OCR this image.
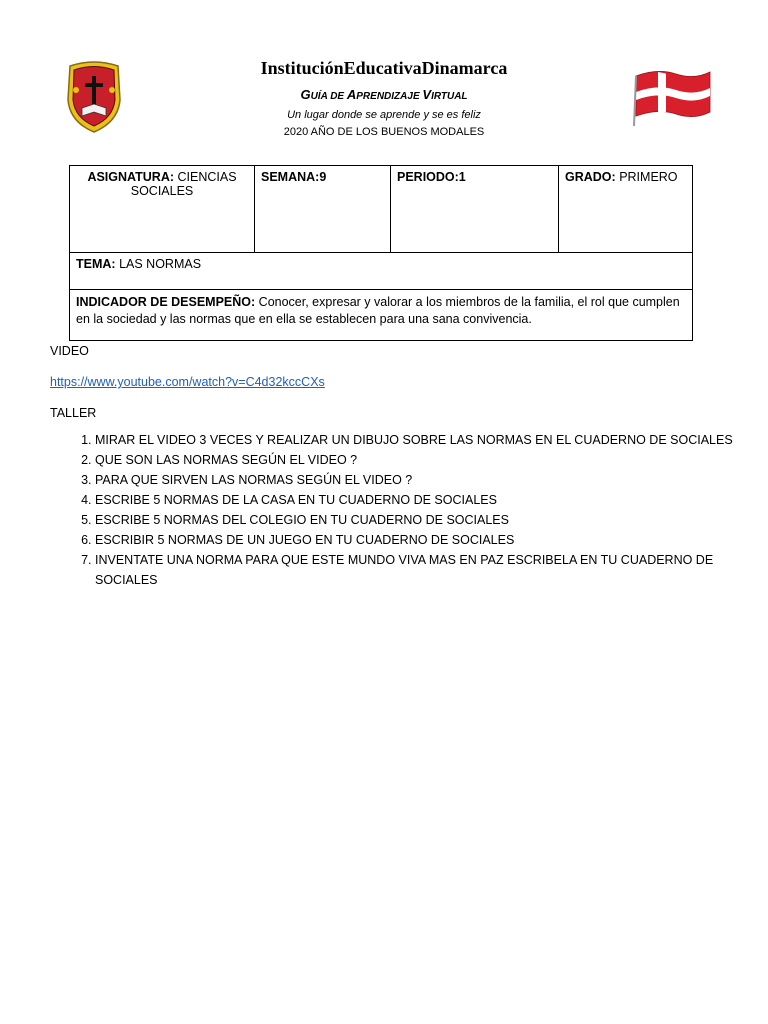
InstituciónEducativaDinamarca
GUÍA DE APRENDIZAJE VIRTUAL
Un lugar donde se aprende y se es feliz
2020 AÑO DE LOS BUENOS MODALES
ASIGNATURA: CIENCIAS SOCIALES	SEMANA:9	PERIODO:1	GRADO: PRIMERO
TEMA: LAS NORMAS
INDICADOR DE DESEMPEÑO: Conocer, expresar y valorar a los miembros de la familia, el rol que cumplen en la sociedad y las normas que en ella se establecen para una sana convivencia.
VIDEO
https://www.youtube.com/watch?v=C4d32kccCXs
TALLER
1. MIRAR EL VIDEO 3 VECES Y REALIZAR UN DIBUJO SOBRE LAS NORMAS EN EL CUADERNO DE SOCIALES
2. QUE SON LAS NORMAS SEGÚN EL VIDEO ?
3. PARA QUE SIRVEN LAS NORMAS SEGÚN EL VIDEO ?
4. ESCRIBE 5 NORMAS DE LA CASA EN TU CUADERNO DE SOCIALES
5. ESCRIBE 5 NORMAS DEL COLEGIO EN TU CUADERNO DE SOCIALES
6. ESCRIBIR 5 NORMAS DE UN JUEGO EN TU CUADERNO DE SOCIALES
7. INVENTATE UNA NORMA PARA QUE ESTE MUNDO VIVA MAS EN PAZ ESCRIBELA EN TU CUADERNO DE SOCIALES
